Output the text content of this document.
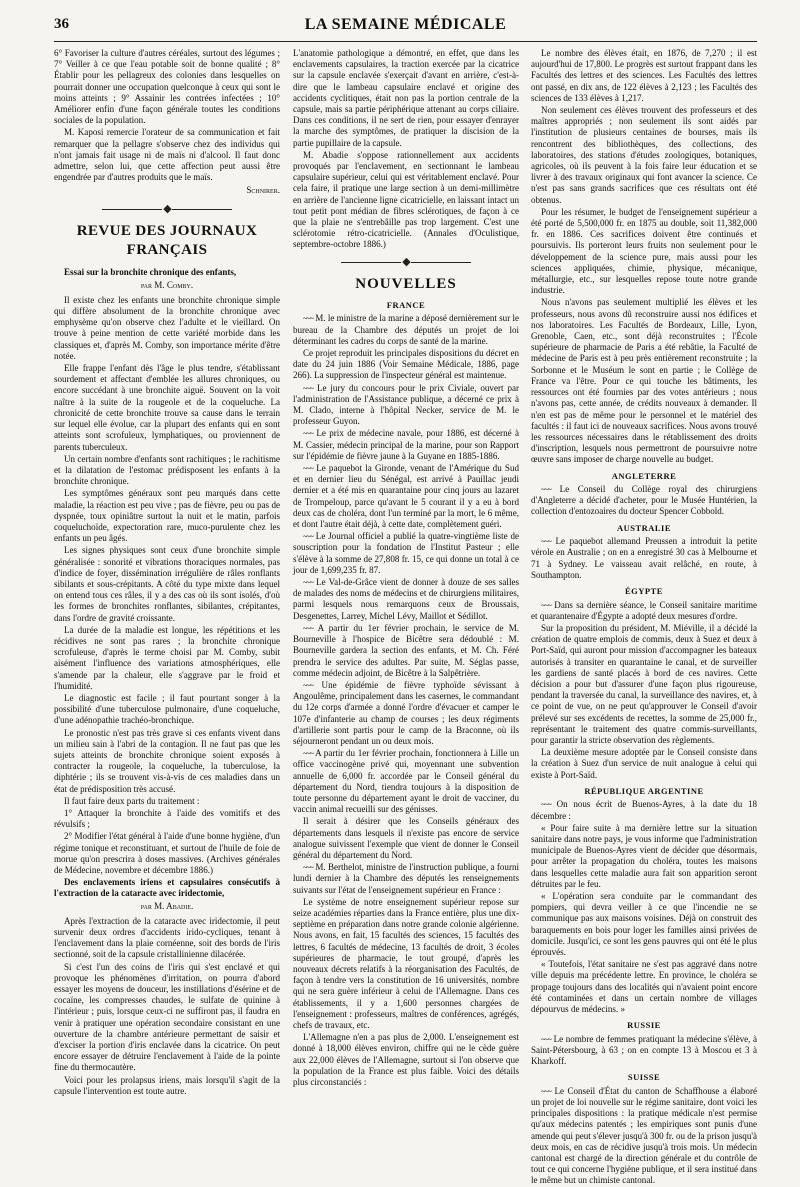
36	LA SEMAINE MÉDICALE

6° Favoriser la culture d'autres céréales, surtout des légumes ; 7° Veiller à ce que l'eau potable soit de bonne qualité ; 8° Établir pour les pellagreux des colonies dans lesquelles on pourrait donner une occupation quelconque à ceux qui sont le moins atteints ; 9° Assainir les contrées infectées ; 10° Améliorer enfin d'une façon générale toutes les conditions sociales de la population.

M. Kaposi remercie l'orateur de sa communication et fait remarquer que la pellagre s'observe chez des individus qui n'ont jamais fait usage ni de maïs ni d'alcool. Il faut donc admettre, selon lui, que cette affection peut aussi être engendrée par d'autres produits que le maïs.

Schnirer.
◆
REVUE DES JOURNAUX FRANÇAIS

Essai sur la bronchite chronique des enfants,

par M. Comby.

Il existe chez les enfants une bronchite chronique simple qui diffère absolument de la bronchite chronique avec emphysème qu'on observe chez l'adulte et le vieillard. On trouve à peine mention de cette variété morbide dans les classiques et, d'après M. Comby, son importance mérite d'être notée.

Elle frappe l'enfant dès l'âge le plus tendre, s'établissant sourdement et affectant d'emblée les allures chroniques, ou encore succédant à une bronchite aiguë. Souvent on la voit naître à la suite de la rougeole et de la coqueluche. La chronicité de cette bronchite trouve sa cause dans le terrain sur lequel elle évolue, car la plupart des enfants qui en sont atteints sont scrofuleux, lymphatiques, ou proviennent de parents tuberculeux.

Un certain nombre d'enfants sont rachitiques ; le rachitisme et la dilatation de l'estomac prédisposent les enfants à la bronchite chronique.

Les symptômes généraux sont peu marqués dans cette maladie, la réaction est peu vive ; pas de fièvre, peu ou pas de dyspnée, toux opiniâtre surtout la nuit et le matin, parfois coqueluchoïde, expectoration rare, muco-purulente chez les enfants un peu âgés.

Les signes physiques sont ceux d'une bronchite simple généralisée : sonorité et vibrations thoraciques normales, pas d'indice de foyer, dissémination irrégulière de râles ronflants sibilants et sous-crépitants. A côté du type mixte dans lequel on entend tous ces râles, il y a des cas où ils sont isolés, d'où les formes de bronchites ronflantes, sibilantes, crépitantes, dans l'ordre de gravité croissante.

La durée de la maladie est longue, les répétitions et les récidives ne sont pas rares ; la bronchite chronique scrofuleuse, d'après le terme choisi par M. Comby, subit aisément l'influence des variations atmosphériques, elle s'amende par la chaleur, elle s'aggrave par le froid et l'humidité.

Le diagnostic est facile ; il faut pourtant songer à la possibilité d'une tuberculose pulmonaire, d'une coqueluche, d'une adénopathie trachéo-bronchique.

Le pronostic n'est pas très grave si ces enfants vivent dans un milieu sain à l'abri de la contagion. Il ne faut pas que les sujets atteints de bronchite chronique soient exposés à contracter la rougeole, la coqueluche, la tuberculose, la diphtérie ; ils se trouvent vis-à-vis de ces maladies dans un état de prédisposition très accusé.

Il faut faire deux parts du traitement :

1° Attaquer la bronchite à l'aide des vomitifs et des révulsifs ;

2° Modifier l'état général à l'aide d'une bonne hygiène, d'un régime tonique et reconstituant, et surtout de l'huile de foie de morue qu'on prescrira à doses massives. (Archives générales de Médecine, novembre et décembre 1886.)

Des enclavements iriens et capsulaires consécutifs à l'extraction de la cataracte avec iridectomie,

par M. Abadie.

Après l'extraction de la cataracte avec iridectomie, il peut survenir deux ordres d'accidents irido-cycliques, tenant à l'enclavement dans la plaie cornéenne, soit des bords de l'iris sectionné, soit de la capsule cristallinienne dilacérée.

Si c'est l'un des coins de l'iris qui s'est enclavé et qui provoque les phénomènes d'irritation, on pourra d'abord essayer les moyens de douceur, les instillations d'ésérine et de cocaïne, les compresses chaudes, le sulfate de quinine à l'intérieur ; puis, lorsque ceux-ci ne suffiront pas, il faudra en venir à pratiquer une opération secondaire consistant en une ouverture de la chambre antérieure permettant de saisir et d'exciser la portion d'iris enclavée dans la cicatrice. On peut encore essayer de détruire l'enclavement à l'aide de la pointe fine du thermocautère.

Voici pour les prolapsus iriens, mais lorsqu'il s'agit de la capsule l'intervention est toute autre.

L'anatomie pathologique a démontré, en effet, que dans les enclavements capsulaires, la traction exercée par la cicatrice sur la capsule enclavée s'exerçait d'avant en arrière, c'est-à-dire que le lambeau capsulaire enclavé et origine des accidents cyclitiques, était non pas la portion centrale de la capsule, mais sa partie périphérique attenant au corps ciliaire. Dans ces conditions, il ne sert de rien, pour essayer d'enrayer la marche des symptômes, de pratiquer la discision de la partie pupillaire de la capsule.

M. Abadie s'oppose rationnellement aux accidents provoqués par l'enclavement, en sectionnant le lambeau capsulaire supérieur, celui qui est véritablement enclavé. Pour cela faire, il pratique une large section à un demi-millimètre en arrière de l'ancienne ligne cicatricielle, en laissant intact un tout petit pont médian de fibres sclérotiques, de façon à ce que la plaie ne s'entrebâille pas trop largement. C'est une sclérotomie rétro-cicatricielle. (Annales d'Oculistique, septembre-octobre 1886.)

◆
NOUVELLES
FRANCE

~~~ M. le ministre de la marine a déposé dernièrement sur le bureau de la Chambre des députés un projet de loi déterminant les cadres du corps de santé de la marine.

Ce projet reproduit les principales dispositions du décret en date du 24 juin 1886 (Voir Semaine Médicale, 1886, page 266). La suppression de l'inspecteur général est maintenue.

~~~ Le jury du concours pour le prix Civiale, ouvert par l'administration de l'Assistance publique, a décerné ce prix à M. Clado, interne à l'hôpital Necker, service de M. le professeur Guyon.

~~~ Le prix de médecine navale, pour 1886, est décerné à M. Cassier, médecin principal de la marine, pour son Rapport sur l'épidémie de fièvre jaune à la Guyane en 1885-1886.

~~~ Le paquebot la Gironde, venant de l'Amérique du Sud et en dernier lieu du Sénégal, est arrivé à Pauillac jeudi dernier et a été mis en quarantaine pour cinq jours au lazaret de Trompeloup, parce qu'avant le 5 courant il y a eu à bord deux cas de choléra, dont l'un terminé par la mort, le 6 même, et dont l'autre était déjà, à cette date, complètement guéri.

~~~ Le Journal officiel a publié la quatre-vingtième liste de souscription pour la fondation de l'Institut Pasteur ; elle s'élève à la somme de 27,808 fr. 15, ce qui donne un total à ce jour de 1,699,235 fr. 87.

~~~ Le Val-de-Grâce vient de donner à douze de ses salles de malades des noms de médecins et de chirurgiens militaires, parmi lesquels nous remarquons ceux de Broussais, Desgenettes, Larrey, Michel Lévy, Maillot et Sédillot.

~~~ A partir du 1er février prochain, le service de M. Bourneville à l'hospice de Bicêtre sera dédoublé : M. Bourneville gardera la section des enfants, et M. Ch. Féré prendra le service des adultes. Par suite, M. Séglas passe, comme médecin adjoint, de Bicêtre à la Salpêtrière.

~~~ Une épidémie de fièvre typhoïde sévissant à Angoulême, principalement dans les casernes, le commandant du 12e corps d'armée a donné l'ordre d'évacuer et camper le 107e d'infanterie au champ de courses ; les deux régiments d'artillerie sont partis pour le camp de la Braconne, où ils séjourneront pendant un ou deux mois.

~~~ A partir du 1er février prochain, fonctionnera à Lille un office vaccinogène privé qui, moyennant une subvention annuelle de 6,000 fr. accordée par le Conseil général du département du Nord, tiendra toujours à la disposition de toute personne du département ayant le droit de vacciner, du vaccin animal recueilli sur des génisses.

Il serait à désirer que les Conseils généraux des départements dans lesquels il n'existe pas encore de service analogue suivissent l'exemple que vient de donner le Conseil général du département du Nord.

~~~ M. Berthelot, ministre de l'instruction publique, a fourni lundi dernier à la Chambre des députés les renseignements suivants sur l'état de l'enseignement supérieur en France :

Le système de notre enseignement supérieur repose sur seize académies réparties dans la France entière, plus une dix-septième en préparation dans notre grande colonie algérienne. Nous avons, en fait, 15 facultés des sciences, 15 facultés des lettres, 6 facultés de médecine, 13 facultés de droit, 3 écoles supérieures de pharmacie, le tout groupé, d'après les nouveaux décrets relatifs à la réorganisation des Facultés, de façon à tendre vers la constitution de 16 universités, nombre qui ne sera guère inférieur à celui de l'Allemagne. Dans ces établissements, il y a 1,600 personnes chargées de l'enseignement : professeurs, maîtres de conférences, agrégés, chefs de travaux, etc.

L'Allemagne n'en a pas plus de 2,000. L'enseignement est donné à 18,000 élèves environ, chiffre qui ne le cède guère aux 22,000 élèves de l'Allemagne, surtout si l'on observe que la population de la France est plus faible. Voici des détails plus circonstanciés :

Le nombre des élèves était, en 1876, de 7,270 ; il est aujourd'hui de 17,800. Le progrès est surtout frappant dans les Facultés des lettres et des sciences. Les Facultés des lettres ont passé, en dix ans, de 122 élèves à 2,123 ; les Facultés des sciences de 133 élèves à 1,217.

Non seulement ces élèves trouvent des professeurs et des maîtres appropriés ; non seulement ils sont aidés par l'institution de plusieurs centaines de bourses, mais ils rencontrent des bibliothèques, des collections, des laboratoires, des stations d'études zoologiques, botaniques, agricoles, où ils peuvent à la fois faire leur éducation et se livrer à des travaux originaux qui font avancer la science. Ce n'est pas sans grands sacrifices que ces résultats ont été obtenus.

Pour les résumer, le budget de l'enseignement supérieur a été porté de 5,500,000 fr. en 1875 au double, soit 11,382,000 fr. en 1886. Ces sacrifices doivent être continués et poursuivis. Ils porteront leurs fruits non seulement pour le développement de la science pure, mais aussi pour les sciences appliquées, chimie, physique, mécanique, métallurgie, etc., sur lesquelles repose toute notre grande industrie.

Nous n'avons pas seulement multiplié les élèves et les professeurs, nous avons dû reconstruire aussi nos édifices et nos laboratoires. Les Facultés de Bordeaux, Lille, Lyon, Grenoble, Caen, etc., sont déjà reconstruites ; l'École supérieure de pharmacie de Paris a été rebâtie, la Faculté de médecine de Paris est à peu près entièrement reconstruite ; la Sorbonne et le Muséum le sont en partie ; le Collège de France va l'être. Pour ce qui touche les bâtiments, les ressources ont été fournies par des votes antérieurs ; nous n'avons pas, cette année, de crédits nouveaux à demander. Il n'en est pas de même pour le personnel et le matériel des facultés : il faut ici de nouveaux sacrifices. Nous avons trouvé les ressources nécessaires dans le rétablissement des droits d'inscription, lesquels nous permettront de poursuivre notre œuvre sans imposer de charge nouvelle au budget.

ANGLETERRE

~~~ Le Conseil du Collège royal des chirurgiens d'Angleterre a décidé d'acheter, pour le Musée Huntérien, la collection d'entozoaires du docteur Spencer Cobbold.

AUSTRALIE

~~~ Le paquebot allemand Preussen a introduit la petite vérole en Australie ; on en a enregistré 30 cas à Melbourne et 71 à Sydney. Le vaisseau avait relâché, en route, à Southampton.

ÉGYPTE

~~~ Dans sa dernière séance, le Conseil sanitaire maritime et quarantenaire d'Égypte a adopté deux mesures d'ordre.

Sur la proposition du président, M. Miéville, il a décidé la création de quatre emplois de commis, deux à Suez et deux à Port-Saïd, qui auront pour mission d'accompagner les bateaux autorisés à transiter en quarantaine le canal, et de surveiller les gardiens de santé placés à bord de ces navires. Cette décision a pour but d'assurer d'une façon plus rigoureuse, pendant la traversée du canal, la surveillance des navires, et, à ce point de vue, on ne peut qu'approuver le Conseil d'avoir prélevé sur ses excédents de recettes, la somme de 25,000 fr., représentant le traitement des quatre commis-surveillants, pour garantir la stricte observation des règlements.

La deuxième mesure adoptée par le Conseil consiste dans la création à Suez d'un service de nuit analogue à celui qui existe à Port-Saïd.

RÉPUBLIQUE ARGENTINE

~~~ On nous écrit de Buenos-Ayres, à la date du 18 décembre :

« Pour faire suite à ma dernière lettre sur la situation sanitaire dans notre pays, je vous informe que l'administration municipale de Buenos-Ayres vient de décider que désormais, pour arrêter la propagation du choléra, toutes les maisons dans lesquelles cette maladie aura fait son apparition seront détruites par le feu.

« L'opération sera conduite par le commandant des pompiers, qui devra veiller à ce que l'incendie ne se communique pas aux maisons voisines. Déjà on construit des baraquements en bois pour loger les familles ainsi privées de domicile. Jusqu'ici, ce sont les gens pauvres qui ont été le plus éprouvés.

« Toutefois, l'état sanitaire ne s'est pas aggravé dans notre ville depuis ma précédente lettre. En province, le choléra se propage toujours dans des localités qui n'avaient point encore été contaminées et dans un certain nombre de villages dépourvus de médecins. »

RUSSIE

~~~ Le nombre de femmes pratiquant la médecine s'élève, à Saint-Pétersbourg, à 63 ; on en compte 13 à Moscou et 3 à Kharkoff.

SUISSE

~~~ Le Conseil d'État du canton de Schaffhouse a élaboré un projet de loi nouvelle sur le régime sanitaire, dont voici les principales dispositions : la pratique médicale n'est permise qu'aux médecins patentés ; les empiriques sont punis d'une amende qui peut s'élever jusqu'à 300 fr. ou de la prison jusqu'à deux mois, en cas de récidive jusqu'à trois mois. Un médecin cantonal est chargé de la direction générale et du contrôle de tout ce qui concerne l'hygiène publique, et il sera institué dans le même but un chimiste cantonal.
